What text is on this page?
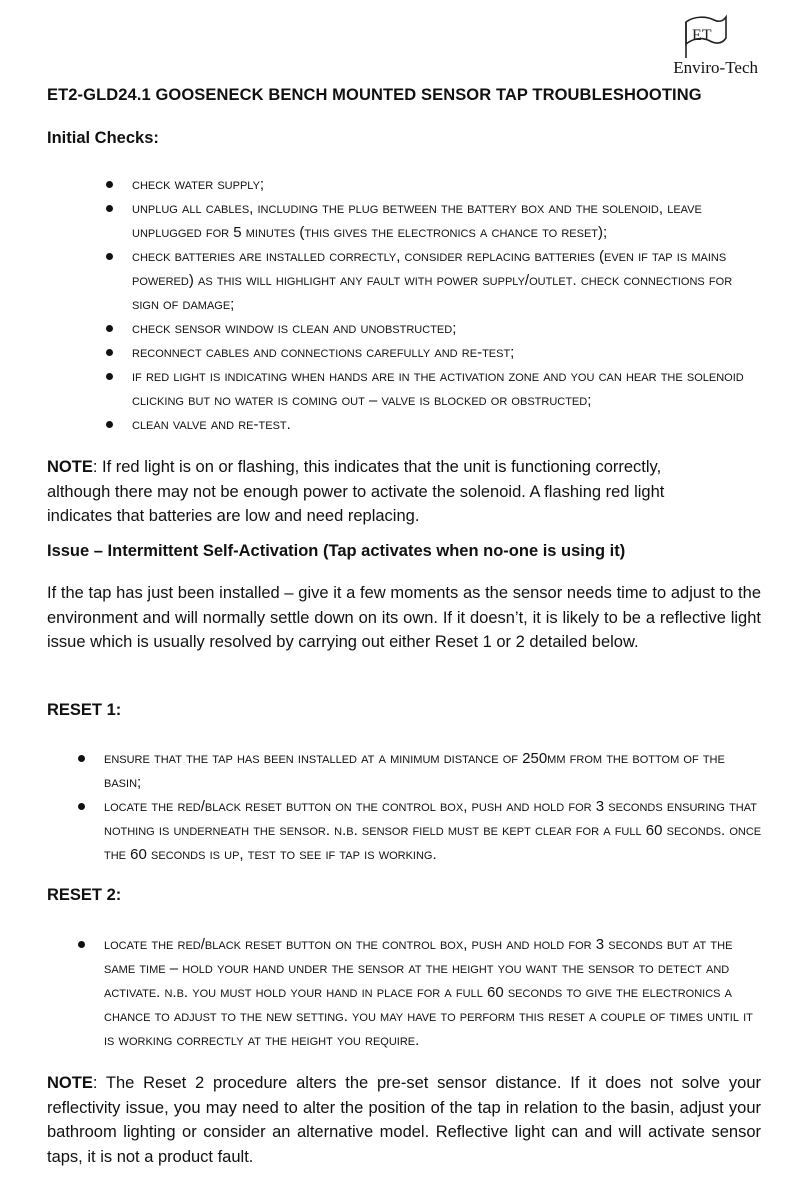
ET
Enviro-Tech
ET2-GLD24.1 GOOSENECK BENCH MOUNTED SENSOR TAP TROUBLESHOOTING
Initial Checks:
check water supply;
unplug all cables, including the plug between the battery box and the solenoid, leave unplugged for 5 minutes (this gives the electronics a chance to reset);
check batteries are installed correctly, consider replacing batteries (even if tap is mains powered) as this will highlight any fault with power supply/outlet. check connections for sign of damage;
check sensor window is clean and unobstructed;
reconnect cables and connections carefully and re-test;
if red light is indicating when hands are in the activation zone and you can hear the solenoid clicking but no water is coming out – valve is blocked or obstructed;
clean valve and re-test.

NOTE: If red light is on or flashing, this indicates that the unit is functioning correctly, although there may not be enough power to activate the solenoid. A flashing red light indicates that batteries are low and need replacing.

Issue – Intermittent Self-Activation (Tap activates when no-one is using it)

If the tap has just been installed – give it a few moments as the sensor needs time to adjust to the environment and will normally settle down on its own. If it doesn’t, it is likely to be a reflective light issue which is usually resolved by carrying out either Reset 1 or 2 detailed below.

RESET 1:
ensure that the tap has been installed at a minimum distance of 250mm from the bottom of the basin;
locate the red/black reset button on the control box, push and hold for 3 seconds ensuring that nothing is underneath the sensor. n.b. sensor field must be kept clear for a full 60 seconds. once the 60 seconds is up, test to see if tap is working.
RESET 2:
locate the red/black reset button on the control box, push and hold for 3 seconds but at the same time – hold your hand under the sensor at the height you want the sensor to detect and activate. n.b. you must hold your hand in place for a full 60 seconds to give the electronics a chance to adjust to the new setting. you may have to perform this reset a couple of times until it is working correctly at the height you require.

NOTE: The Reset 2 procedure alters the pre-set sensor distance. If it does not solve your reflectivity issue, you may need to alter the position of the tap in relation to the basin, adjust your bathroom lighting or consider an alternative model. Reflective light can and will activate sensor taps, it is not a product fault.
